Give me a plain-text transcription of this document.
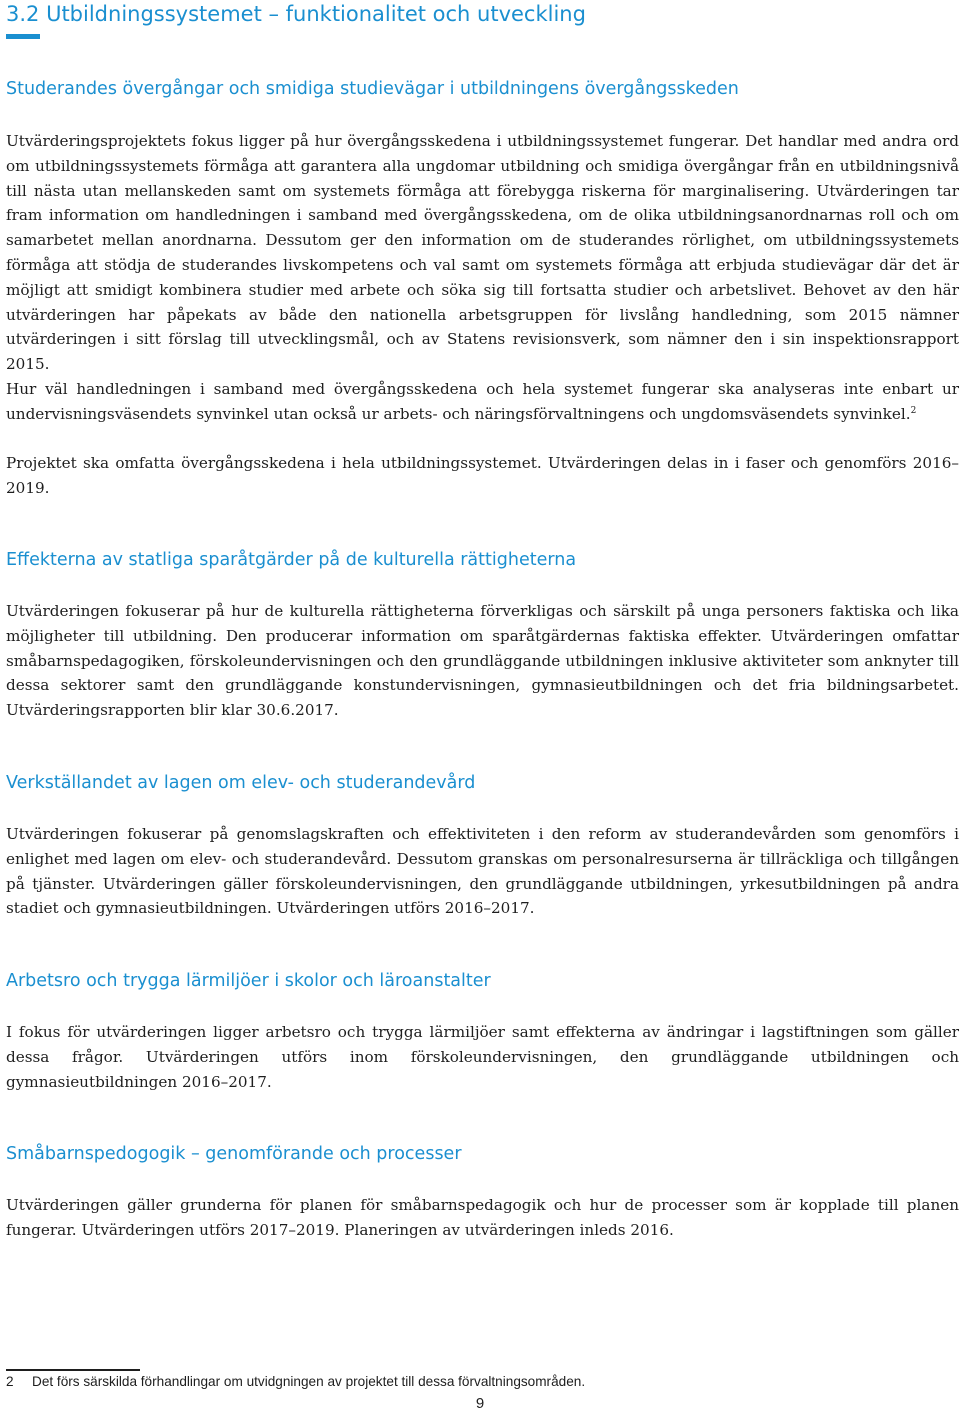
3.2 Utbildningssystemet – funktionalitet och utveckling
Studerandes övergångar och smidiga studievägar i utbildningens övergångsskeden

Utvärderingsprojektets fokus ligger på hur övergångsskedena i utbildningssystemet fungerar. Det handlar med andra ord om utbildningssystemets förmåga att garantera alla ungdomar utbildning och smidiga övergångar från en utbildningsnivå till nästa utan mellanskeden samt om systemets förmåga att förebygga riskerna för marginalisering. Utvärderingen tar fram information om handledningen i samband med övergångsskedena, om de olika utbildningsanordnarnas roll och om samarbetet mellan anordnarna. Dessutom ger den information om de studerandes rörlighet, om utbildningssystemets förmåga att stödja de studerandes livskompetens och val samt om systemets förmåga att erbjuda studievägar där det är möjligt att smidigt kombinera studier med arbete och söka sig till fortsatta studier och arbetslivet. Behovet av den här utvärderingen har påpekats av både den nationella arbetsgruppen för livslång handledning, som 2015 nämner utvärderingen i sitt förslag till utvecklingsmål, och av Statens revisionsverk, som nämner den i sin inspektionsrapport 2015.

Hur väl handledningen i samband med övergångsskedena och hela systemet fungerar ska analyseras inte enbart ur undervisningsväsendets synvinkel utan också ur arbets- och näringsförvaltningens och ungdomsväsendets synvinkel.$^2$

Projektet ska omfatta övergångsskedena i hela utbildningssystemet. Utvärderingen delas in i faser och genomförs 2016–2019.

Effekterna av statliga sparåtgärder på de kulturella rättigheterna

Utvärderingen fokuserar på hur de kulturella rättigheterna förverkligas och särskilt på unga personers faktiska och lika möjligheter till utbildning. Den producerar information om sparåtgärdernas faktiska effekter. Utvärderingen omfattar småbarnspedagogiken, förskoleundervisningen och den grundläggande utbildningen inklusive aktiviteter som anknyter till dessa sektorer samt den grundläggande konstundervisningen, gymnasieutbildningen och det fria bildningsarbetet. Utvärderingsrapporten blir klar 30.6.2017.

Verkställandet av lagen om elev- och studerandevård

Utvärderingen fokuserar på genomslagskraften och effektiviteten i den reform av studerandevården som genomförs i enlighet med lagen om elev- och studerandevård. Dessutom granskas om personalresurserna är tillräckliga och tillgången på tjänster. Utvärderingen gäller förskoleundervisningen, den grundläggande utbildningen, yrkesutbildningen på andra stadiet och gymnasieutbildningen. Utvärderingen utförs 2016–2017.

Arbetsro och trygga lärmiljöer i skolor och läroanstalter

I fokus för utvärderingen ligger arbetsro och trygga lärmiljöer samt effekterna av ändringar i lagstiftningen som gäller dessa frågor. Utvärderingen utförs inom förskoleundervisningen, den grundläggande utbildningen och gymnasieutbildningen 2016–2017.

Småbarnspedogogik – genomförande och processer

Utvärderingen gäller grunderna för planen för småbarnspedagogik och hur de processer som är kopplade till planen fungerar. Utvärderingen utförs 2017–2019. Planeringen av utvärderingen inleds 2016.

2 Det förs särskilda förhandlingar om utvidgningen av projektet till dessa förvaltningsområden.
9
